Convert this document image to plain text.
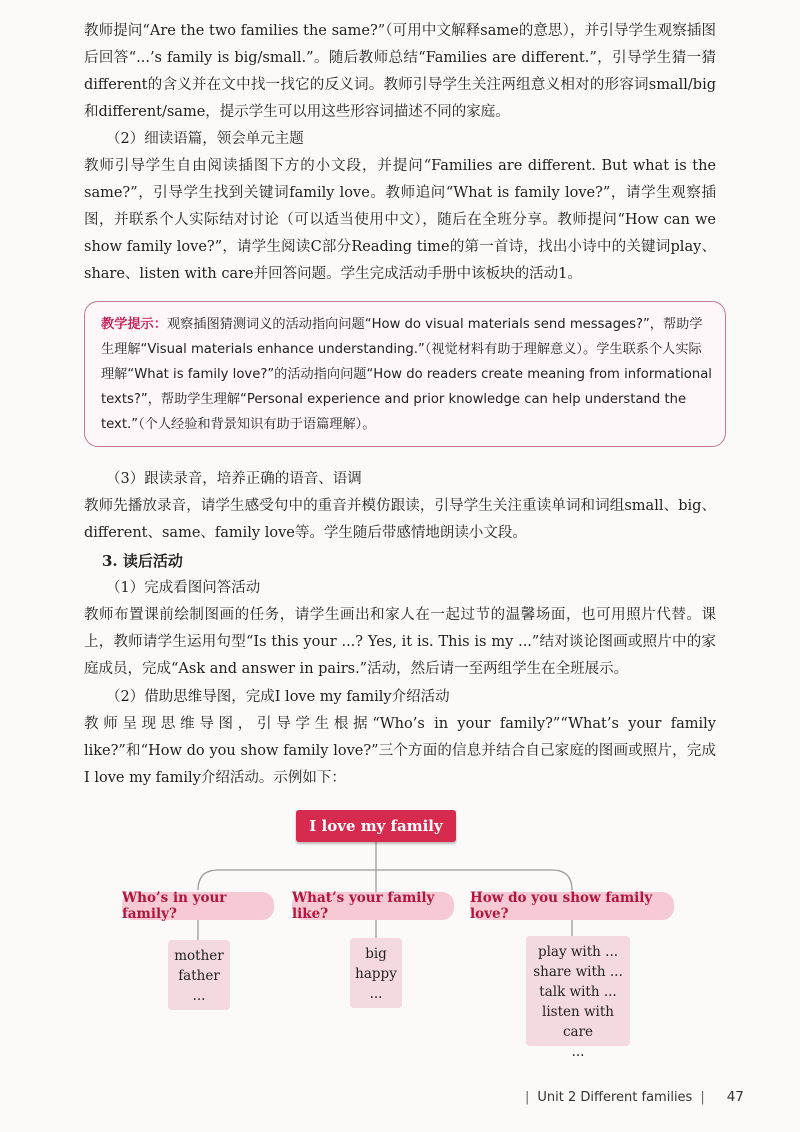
教师提问“Are the two families the same?”（可用中文解释same的意思），并引导学生观察插图后回答“...’s family is big/small.”。随后教师总结“Families are different.”，引导学生猜一猜different的含义并在文中找一找它的反义词。教师引导学生关注两组意义相对的形容词small/big和different/same，提示学生可以用这些形容词描述不同的家庭。

（2）细读语篇，领会单元主题

教师引导学生自由阅读插图下方的小文段，并提问“Families are different. But what is the same?”，引导学生找到关键词family love。教师追问“What is family love?”，请学生观察插图，并联系个人实际结对讨论（可以适当使用中文），随后在全班分享。教师提问“How can we show family love?”，请学生阅读C部分Reading time的第一首诗，找出小诗中的关键词play、share、listen with care并回答问题。学生完成活动手册中该板块的活动1。

教学提示：观察插图猜测词义的活动指向问题“How do visual materials send messages?”，帮助学生理解“Visual materials enhance understanding.”（视觉材料有助于理解意义）。学生联系个人实际理解“What is family love?”的活动指向问题“How do readers create meaning from informational texts?”，帮助学生理解“Personal experience and prior knowledge can help understand the text.”（个人经验和背景知识有助于语篇理解）。

（3）跟读录音，培养正确的语音、语调

教师先播放录音，请学生感受句中的重音并模仿跟读，引导学生关注重读单词和词组small、big、different、same、family love等。学生随后带感情地朗读小文段。

3. 读后活动

（1）完成看图问答活动

教师布置课前绘制图画的任务，请学生画出和家人在一起过节的温馨场面，也可用照片代替。课上，教师请学生运用句型“Is this your ...? Yes, it is. This is my ...”结对谈论图画或照片中的家庭成员，完成“Ask and answer in pairs.”活动，然后请一至两组学生在全班展示。

（2）借助思维导图，完成I love my family介绍活动

教师呈现思维导图，引导学生根据“Who’s in your family?”“What’s your family like?”和“How do you show family love?”三个方面的信息并结合自己家庭的图画或照片，完成I love my family介绍活动。示例如下：

I love my family
Who’s in your family?
What’s your family like?
How do you show family love?
mother
father
...
big
happy
...
play with ...
share with ...
talk with ...
listen with care
...
| Unit 2 Different families | 47
